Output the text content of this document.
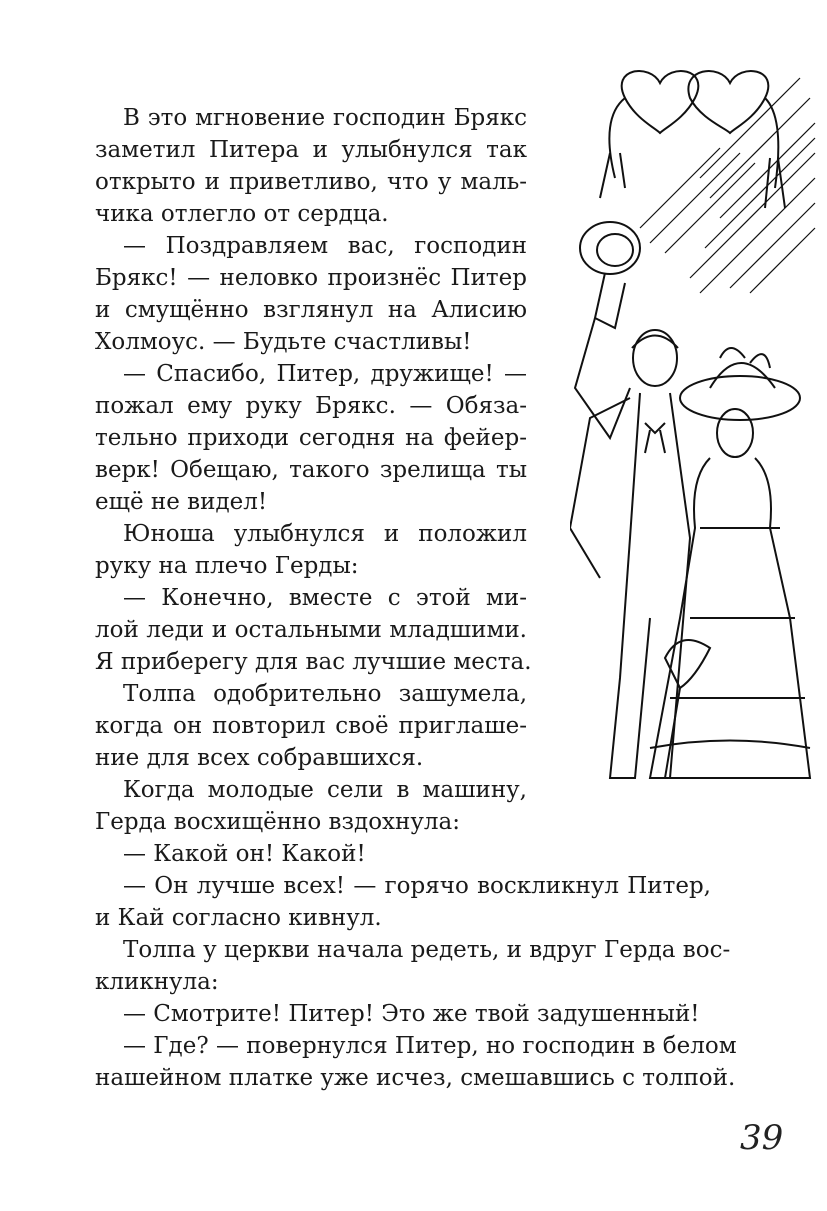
В это мгновение господин Брякс
заметил Питера и улыбнулся так
открыто и приветливо, что у маль-
чика отлегло от сердца.
— Поздравляем вас, господин
Брякс! — неловко произнёс Питер
и смущённо взглянул на Алисию
Холмоус. — Будьте счастливы!
— Спасибо, Питер, дружище! —
пожал ему руку Брякс. — Обяза-
тельно приходи сегодня на фейер-
верк! Обещаю, такого зрелища ты
ещё не видел!
Юноша улыбнулся и положил
руку на плечо Герды:
— Конечно, вместе с этой ми-
лой леди и остальными младшими.
Я приберегу для вас лучшие места.
Толпа одобрительно зашумела,
когда он повторил своё приглаше-
ние для всех собравшихся.
Когда молодые сели в машину,
Герда восхищённо вздохнула:
— Какой он! Какой!
— Он лучше всех! — горячо воскликнул Питер,
и Кай согласно кивнул.
Толпа у церкви начала редеть, и вдруг Герда вос-
кликнула:
— Смотрите! Питер! Это же твой задушенный!
— Где? — повернулся Питер, но господин в белом
нашейном платке уже исчез, смешавшись с толпой.
39
